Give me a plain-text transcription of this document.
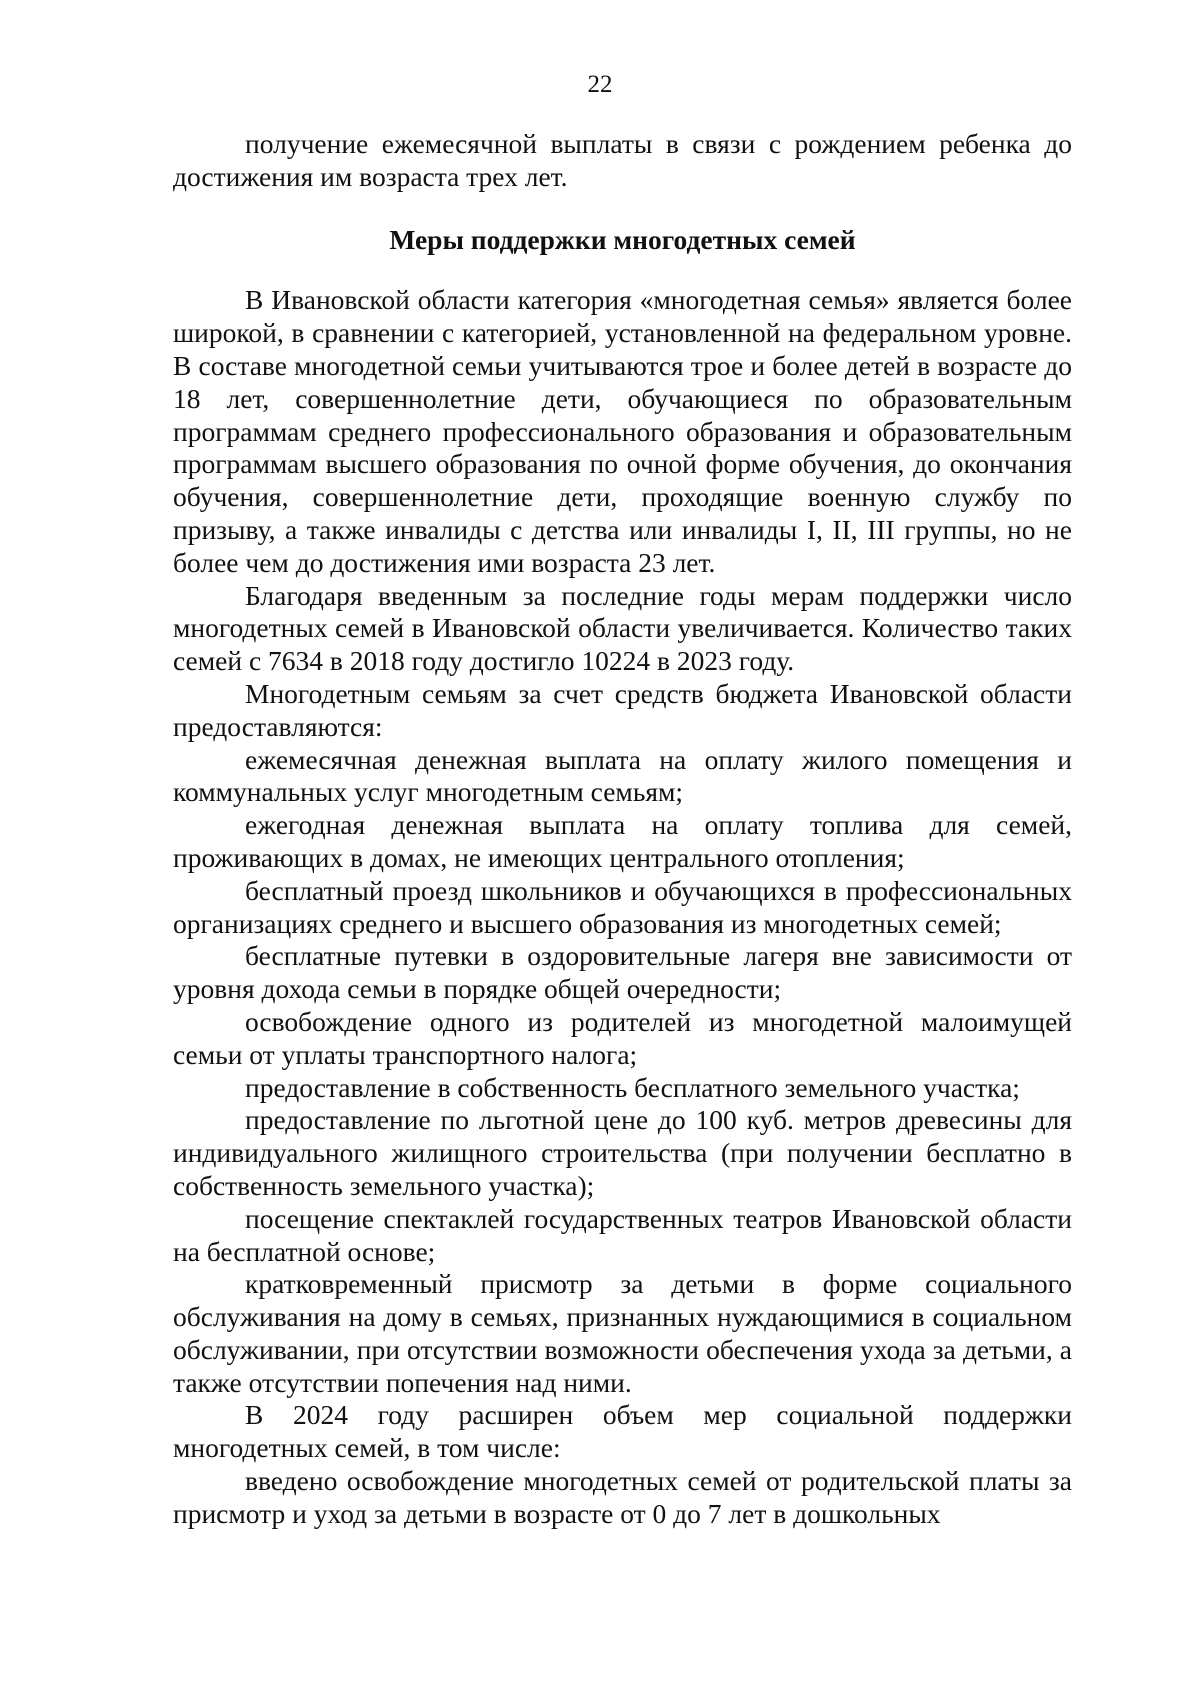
22

получение ежемесячной выплаты в связи с рождением ребенка до достижения им возраста трех лет.

Меры поддержки многодетных семей

В Ивановской области категория «многодетная семья» является более широкой, в сравнении с категорией, установленной на федеральном уровне. В составе многодетной семьи учитываются трое и более детей в возрасте до 18 лет, совершеннолетние дети, обучающиеся по образовательным программам среднего профессионального образования и образовательным программам высшего образования по очной форме обучения, до окончания обучения, совершеннолетние дети, проходящие военную службу по призыву, а также инвалиды с детства или инвалиды I, II, III группы, но не более чем до достижения ими возраста 23 лет.

Благодаря введенным за последние годы мерам поддержки число многодетных семей в Ивановской области увеличивается. Количество таких семей с 7634 в 2018 году достигло 10224 в 2023 году.

Многодетным семьям за счет средств бюджета Ивановской области предоставляются:

ежемесячная денежная выплата на оплату жилого помещения и коммунальных услуг многодетным семьям;

ежегодная денежная выплата на оплату топлива для семей, проживающих в домах, не имеющих центрального отопления;

бесплатный проезд школьников и обучающихся в профессиональных организациях среднего и высшего образования из многодетных семей;

бесплатные путевки в оздоровительные лагеря вне зависимости от уровня дохода семьи в порядке общей очередности;

освобождение одного из родителей из многодетной малоимущей семьи от уплаты транспортного налога;

предоставление в собственность бесплатного земельного участка;

предоставление по льготной цене до 100 куб. метров древесины для индивидуального жилищного строительства (при получении бесплатно в собственность земельного участка);

посещение спектаклей государственных театров Ивановской области на бесплатной основе;

кратковременный присмотр за детьми в форме социального обслуживания на дому в семьях, признанных нуждающимися в социальном обслуживании, при отсутствии возможности обеспечения ухода за детьми, а также отсутствии попечения над ними.

В 2024 году расширен объем мер социальной поддержки многодетных семей, в том числе:

введено освобождение многодетных семей от родительской платы за присмотр и уход за детьми в возрасте от 0 до 7 лет в дошкольных
